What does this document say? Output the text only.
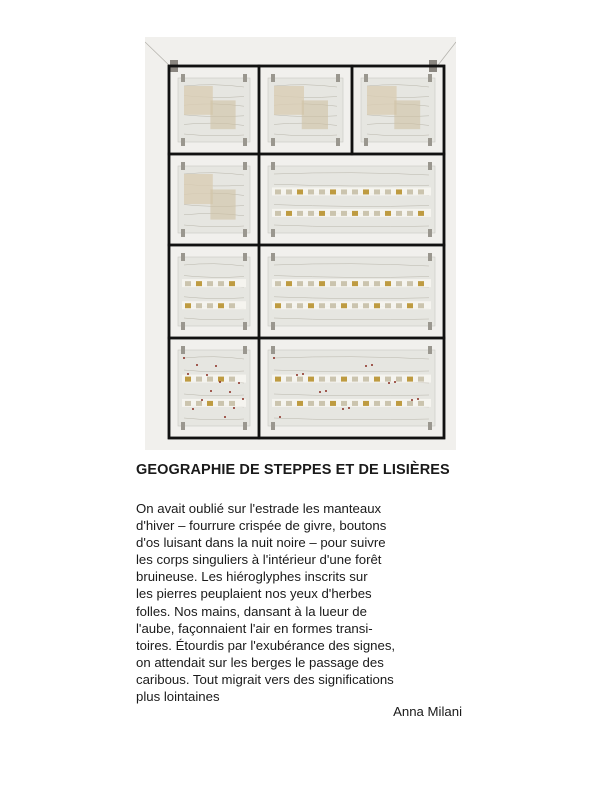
GEOGRAPHIE DE STEPPES ET DE LISIÈRES
On avait oublié sur l'estrade les manteaux
d'hiver – fourrure crispée de givre, boutons
d'os luisant dans la nuit noire – pour suivre
les corps singuliers à l'intérieur d'une forêt
bruineuse. Les hiéroglyphes inscrits sur
les pierres peuplaient nos yeux d'herbes
folles. Nos mains, dansant à la lueur de
l'aube, façonnaient l'air en formes transi-
toires. Étourdis par l'exubérance des signes,
on attendait sur les berges le passage des
caribous. Tout migrait vers des significations
plus lointaines
Anna Milani
